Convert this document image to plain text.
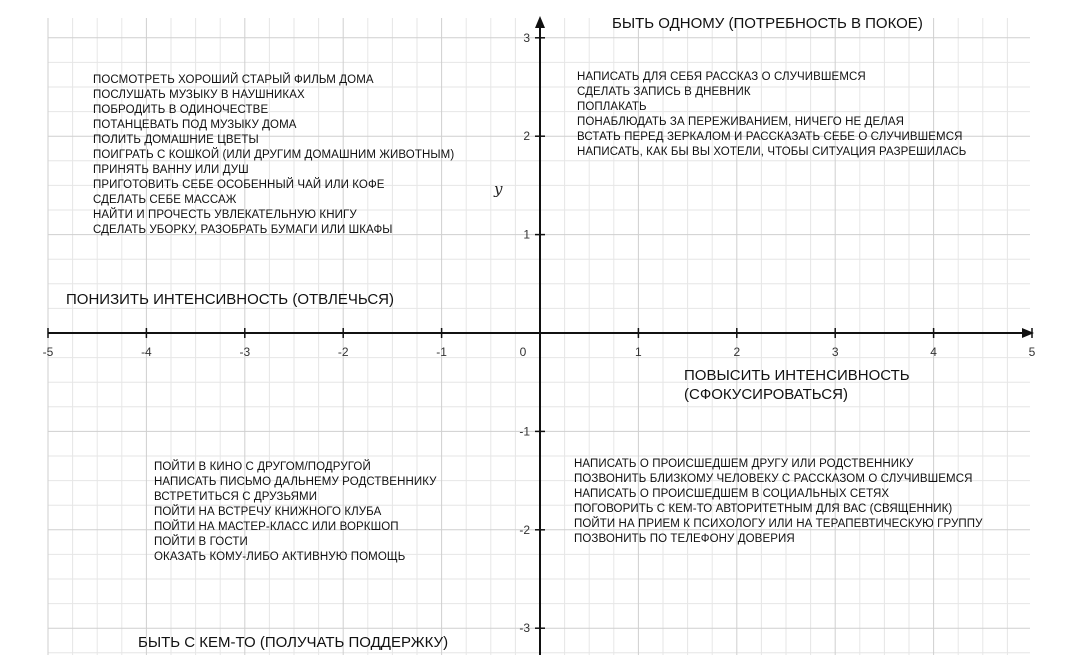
-5	-4	-3	-2	-1	0	1	2	3	4	5
3
2
1
-1
-2
-3
y
БЫТЬ ОДНОМУ (ПОТРЕБНОСТЬ В ПОКОЕ)
ПОНИЗИТЬ ИНТЕНСИВНОСТЬ (ОТВЛЕЧЬСЯ)
ПОВЫСИТЬ ИНТЕНСИВНОСТЬ
(СФОКУСИРОВАТЬСЯ)
БЫТЬ С КЕМ-ТО (ПОЛУЧАТЬ ПОДДЕРЖКУ)
ПОСМОТРЕТЬ ХОРОШИЙ СТАРЫЙ ФИЛЬМ ДОМА
ПОСЛУШАТЬ МУЗЫКУ В НАУШНИКАХ
ПОБРОДИТЬ В ОДИНОЧЕСТВЕ
ПОТАНЦЕВАТЬ ПОД МУЗЫКУ ДОМА
ПОЛИТЬ ДОМАШНИЕ ЦВЕТЫ
ПОИГРАТЬ С КОШКОЙ (ИЛИ ДРУГИМ ДОМАШНИМ ЖИВОТНЫМ)
ПРИНЯТЬ ВАННУ ИЛИ ДУШ
ПРИГОТОВИТЬ СЕБЕ ОСОБЕННЫЙ ЧАЙ ИЛИ КОФЕ
СДЕЛАТЬ СЕБЕ МАССАЖ
НАЙТИ И ПРОЧЕСТЬ УВЛЕКАТЕЛЬНУЮ КНИГУ
СДЕЛАТЬ УБОРКУ, РАЗОБРАТЬ БУМАГИ ИЛИ ШКАФЫ
НАПИСАТЬ ДЛЯ СЕБЯ РАССКАЗ О СЛУЧИВШЕМСЯ
СДЕЛАТЬ ЗАПИСЬ В ДНЕВНИК
ПОПЛАКАТЬ
ПОНАБЛЮДАТЬ ЗА ПЕРЕЖИВАНИЕМ, НИЧЕГО НЕ ДЕЛАЯ
ВСТАТЬ ПЕРЕД ЗЕРКАЛОМ И РАССКАЗАТЬ СЕБЕ О СЛУЧИВШЕМСЯ
НАПИСАТЬ, КАК БЫ ВЫ ХОТЕЛИ, ЧТОБЫ СИТУАЦИЯ РАЗРЕШИЛАСЬ
ПОЙТИ В КИНО С ДРУГОМ/ПОДРУГОЙ
НАПИСАТЬ ПИСЬМО ДАЛЬНЕМУ РОДСТВЕННИКУ
ВСТРЕТИТЬСЯ С ДРУЗЬЯМИ
ПОЙТИ НА ВСТРЕЧУ КНИЖНОГО КЛУБА
ПОЙТИ НА МАСТЕР-КЛАСС ИЛИ ВОРКШОП
ПОЙТИ В ГОСТИ
ОКАЗАТЬ КОМУ-ЛИБО АКТИВНУЮ ПОМОЩЬ
НАПИСАТЬ О ПРОИСШЕДШЕМ ДРУГУ ИЛИ РОДСТВЕННИКУ
ПОЗВОНИТЬ БЛИЗКОМУ ЧЕЛОВЕКУ С РАССКАЗОМ О СЛУЧИВШЕМСЯ
НАПИСАТЬ О ПРОИСШЕДШЕМ В СОЦИАЛЬНЫХ СЕТЯХ
ПОГОВОРИТЬ С КЕМ-ТО АВТОРИТЕТНЫМ ДЛЯ ВАС (СВЯЩЕННИК)
ПОЙТИ НА ПРИЕМ К ПСИХОЛОГУ ИЛИ НА ТЕРАПЕВТИЧЕСКУЮ ГРУППУ
ПОЗВОНИТЬ ПО ТЕЛЕФОНУ ДОВЕРИЯ
